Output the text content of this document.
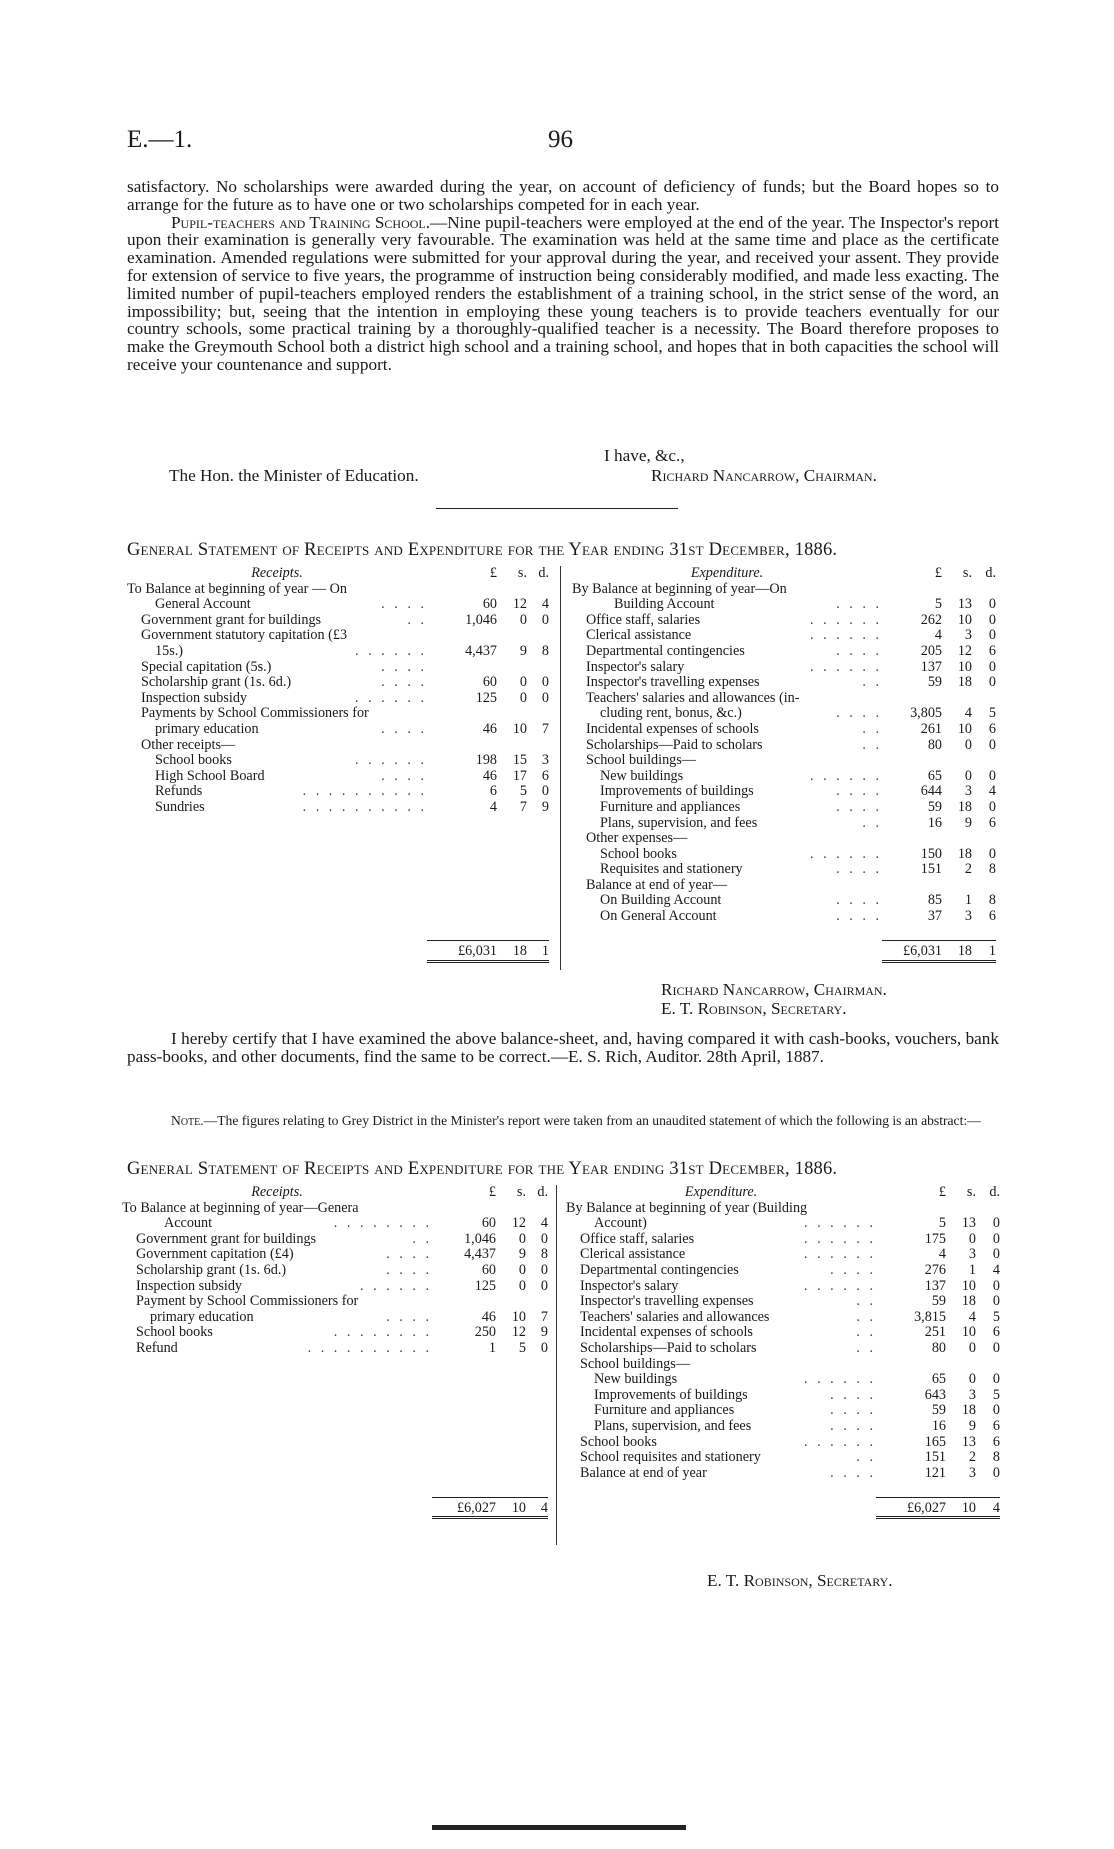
E.—1.	96

satisfactory. No scholarships were awarded during the year, on account of deficiency of funds; but the Board hopes so to arrange for the future as to have one or two scholarships competed for in each year.

Pupil-teachers and Training School.—Nine pupil-teachers were employed at the end of the year. The Inspector's report upon their examination is generally very favourable. The examination was held at the same time and place as the certificate examination. Amended regulations were submitted for your approval during the year, and received your assent. They provide for extension of service to five years, the programme of instruction being considerably modified, and made less exacting. The limited number of pupil-teachers employed renders the establishment of a training school, in the strict sense of the word, an impossibility; but, seeing that the intention in employing these young teachers is to provide teachers eventually for our country schools, some practical training by a thoroughly-qualified teacher is a necessity. The Board therefore proposes to make the Greymouth School both a district high school and a training school, and hopes that in both capacities the school will receive your countenance and support.

I have, &c.,
The Hon. the Minister of Education.	Richard Nancarrow, Chairman.
General Statement of Receipts and Expenditure for the Year ending 31st December, 1886.
Receipts.	£	s.	d.
To Balance at beginning of year — On			
General Account . . . .	60	12	4
Government grant for buildings . .	1,046	0	0
Government statutory capitation (£3			
15s.) . . . . . .	4,437	9	8
Special capitation (5s.) . . . .			

Scholarship grant (1s. 6d.) . . . .	60	0	0
Inspection subsidy . . . . . .	125	0	0
Payments by School Commissioners for			
primary education . . . .	46	10	7
Other receipts—			
School books . . . . . .	198	15	3
High School Board . . . .	46	17	6
Refunds . . . . . . . . . .	6	5	0
Sundries . . . . . . . . . .	4	7	9

	£6,031	18	1
Expenditure.	£	s.	d.
By Balance at beginning of year—On			
Building Account . . . .	5	13	0
Office staff, salaries . . . . . .	262	10	0
Clerical assistance . . . . . .	4	3	0
Departmental contingencies . . . .	205	12	6
Inspector's salary . . . . . .	137	10	0
Inspector's travelling expenses . .	59	18	0
Teachers' salaries and allowances (in-			
cluding rent, bonus, &c.) . . . .	3,805	4	5
Incidental expenses of schools . .	261	10	6
Scholarships—Paid to scholars . .	80	0	0
School buildings—			
New buildings . . . . . .	65	0	0
Improvements of buildings . . . .	644	3	4
Furniture and appliances . . . .	59	18	0
Plans, supervision, and fees . .	16	9	6
Other expenses—			
School books . . . . . .	150	18	0
Requisites and stationery . . . .	151	2	8
Balance at end of year—			
On Building Account . . . .	85	1	8
On General Account . . . .	37	3	6

	£6,031	18	1
Richard Nancarrow, Chairman.
E. T. Robinson, Secretary.

I hereby certify that I have examined the above balance-sheet, and, having compared it with cash-books, vouchers, bank pass-books, and other documents, find the same to be correct.—E. S. Rich, Auditor. 28th April, 1887.

Note.—The figures relating to Grey District in the Minister's report were taken from an unaudited statement of which the following is an abstract:—

General Statement of Receipts and Expenditure for the Year ending 31st December, 1886.
Receipts.	£	s.	d.
To Balance at beginning of year—Genera			
Account . . . . . . . .	60	12	4
Government grant for buildings . .	1,046	0	0
Government capitation (£4) . . . .	4,437	9	8
Scholarship grant (1s. 6d.) . . . .	60	0	0
Inspection subsidy . . . . . .	125	0	0
Payment by School Commissioners for			
primary education . . . .	46	10	7
School books . . . . . . . .	250	12	9
Refund . . . . . . . . . .	1	5	0

	£6,027	10	4
Expenditure.	£	s.	d.
By Balance at beginning of year (Building			
Account) . . . . . .	5	13	0
Office staff, salaries . . . . . .	175	0	0
Clerical assistance . . . . . .	4	3	0
Departmental contingencies . . . .	276	1	4
Inspector's salary . . . . . .	137	10	0
Inspector's travelling expenses . .	59	18	0
Teachers' salaries and allowances . .	3,815	4	5
Incidental expenses of schools . .	251	10	6
Scholarships—Paid to scholars . .	80	0	0
School buildings—			
New buildings . . . . . .	65	0	0
Improvements of buildings . . . .	643	3	5
Furniture and appliances . . . .	59	18	0
Plans, supervision, and fees . . . .	16	9	6
School books . . . . . .	165	13	6
School requisites and stationery . .	151	2	8
Balance at end of year . . . .	121	3	0

	£6,027	10	4
E. T. Robinson, Secretary.
